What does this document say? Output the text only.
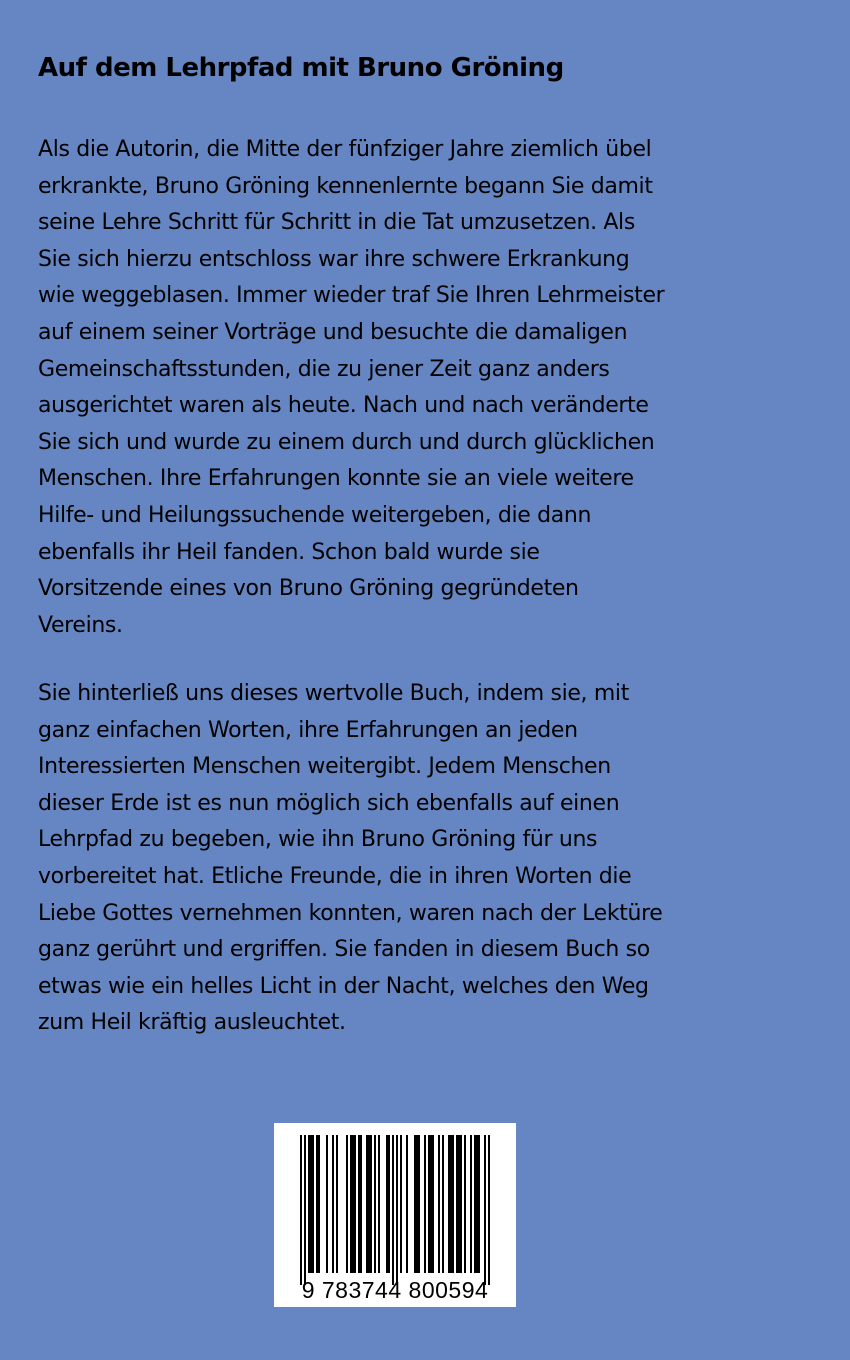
Auf dem Lehrpfad mit Bruno Gröning
Als die Autorin, die Mitte der fünfziger Jahre ziemlich übel
erkrankte, Bruno Gröning kennenlernte begann Sie damit
seine Lehre Schritt für Schritt in die Tat umzusetzen. Als
Sie sich hierzu entschloss war ihre schwere Erkrankung
wie weggeblasen. Immer wieder traf Sie Ihren Lehrmeister
auf einem seiner Vorträge und besuchte die damaligen
Gemeinschaftsstunden, die zu jener Zeit ganz anders
ausgerichtet waren als heute. Nach und nach veränderte
Sie sich und wurde zu einem durch und durch glücklichen
Menschen. Ihre Erfahrungen konnte sie an viele weitere
Hilfe- und Heilungssuchende weitergeben, die dann
ebenfalls ihr Heil fanden. Schon bald wurde sie
Vorsitzende eines von Bruno Gröning gegründeten
Vereins.
Sie hinterließ uns dieses wertvolle Buch, indem sie, mit
ganz einfachen Worten, ihre Erfahrungen an jeden
Interessierten Menschen weitergibt. Jedem Menschen
dieser Erde ist es nun möglich sich ebenfalls auf einen
Lehrpfad zu begeben, wie ihn Bruno Gröning für uns
vorbereitet hat. Etliche Freunde, die in ihren Worten die
Liebe Gottes vernehmen konnten, waren nach der Lektüre
ganz gerührt und ergriffen. Sie fanden in diesem Buch so
etwas wie ein helles Licht in der Nacht, welches den Weg
zum Heil kräftig ausleuchtet.
9 783744 800594
